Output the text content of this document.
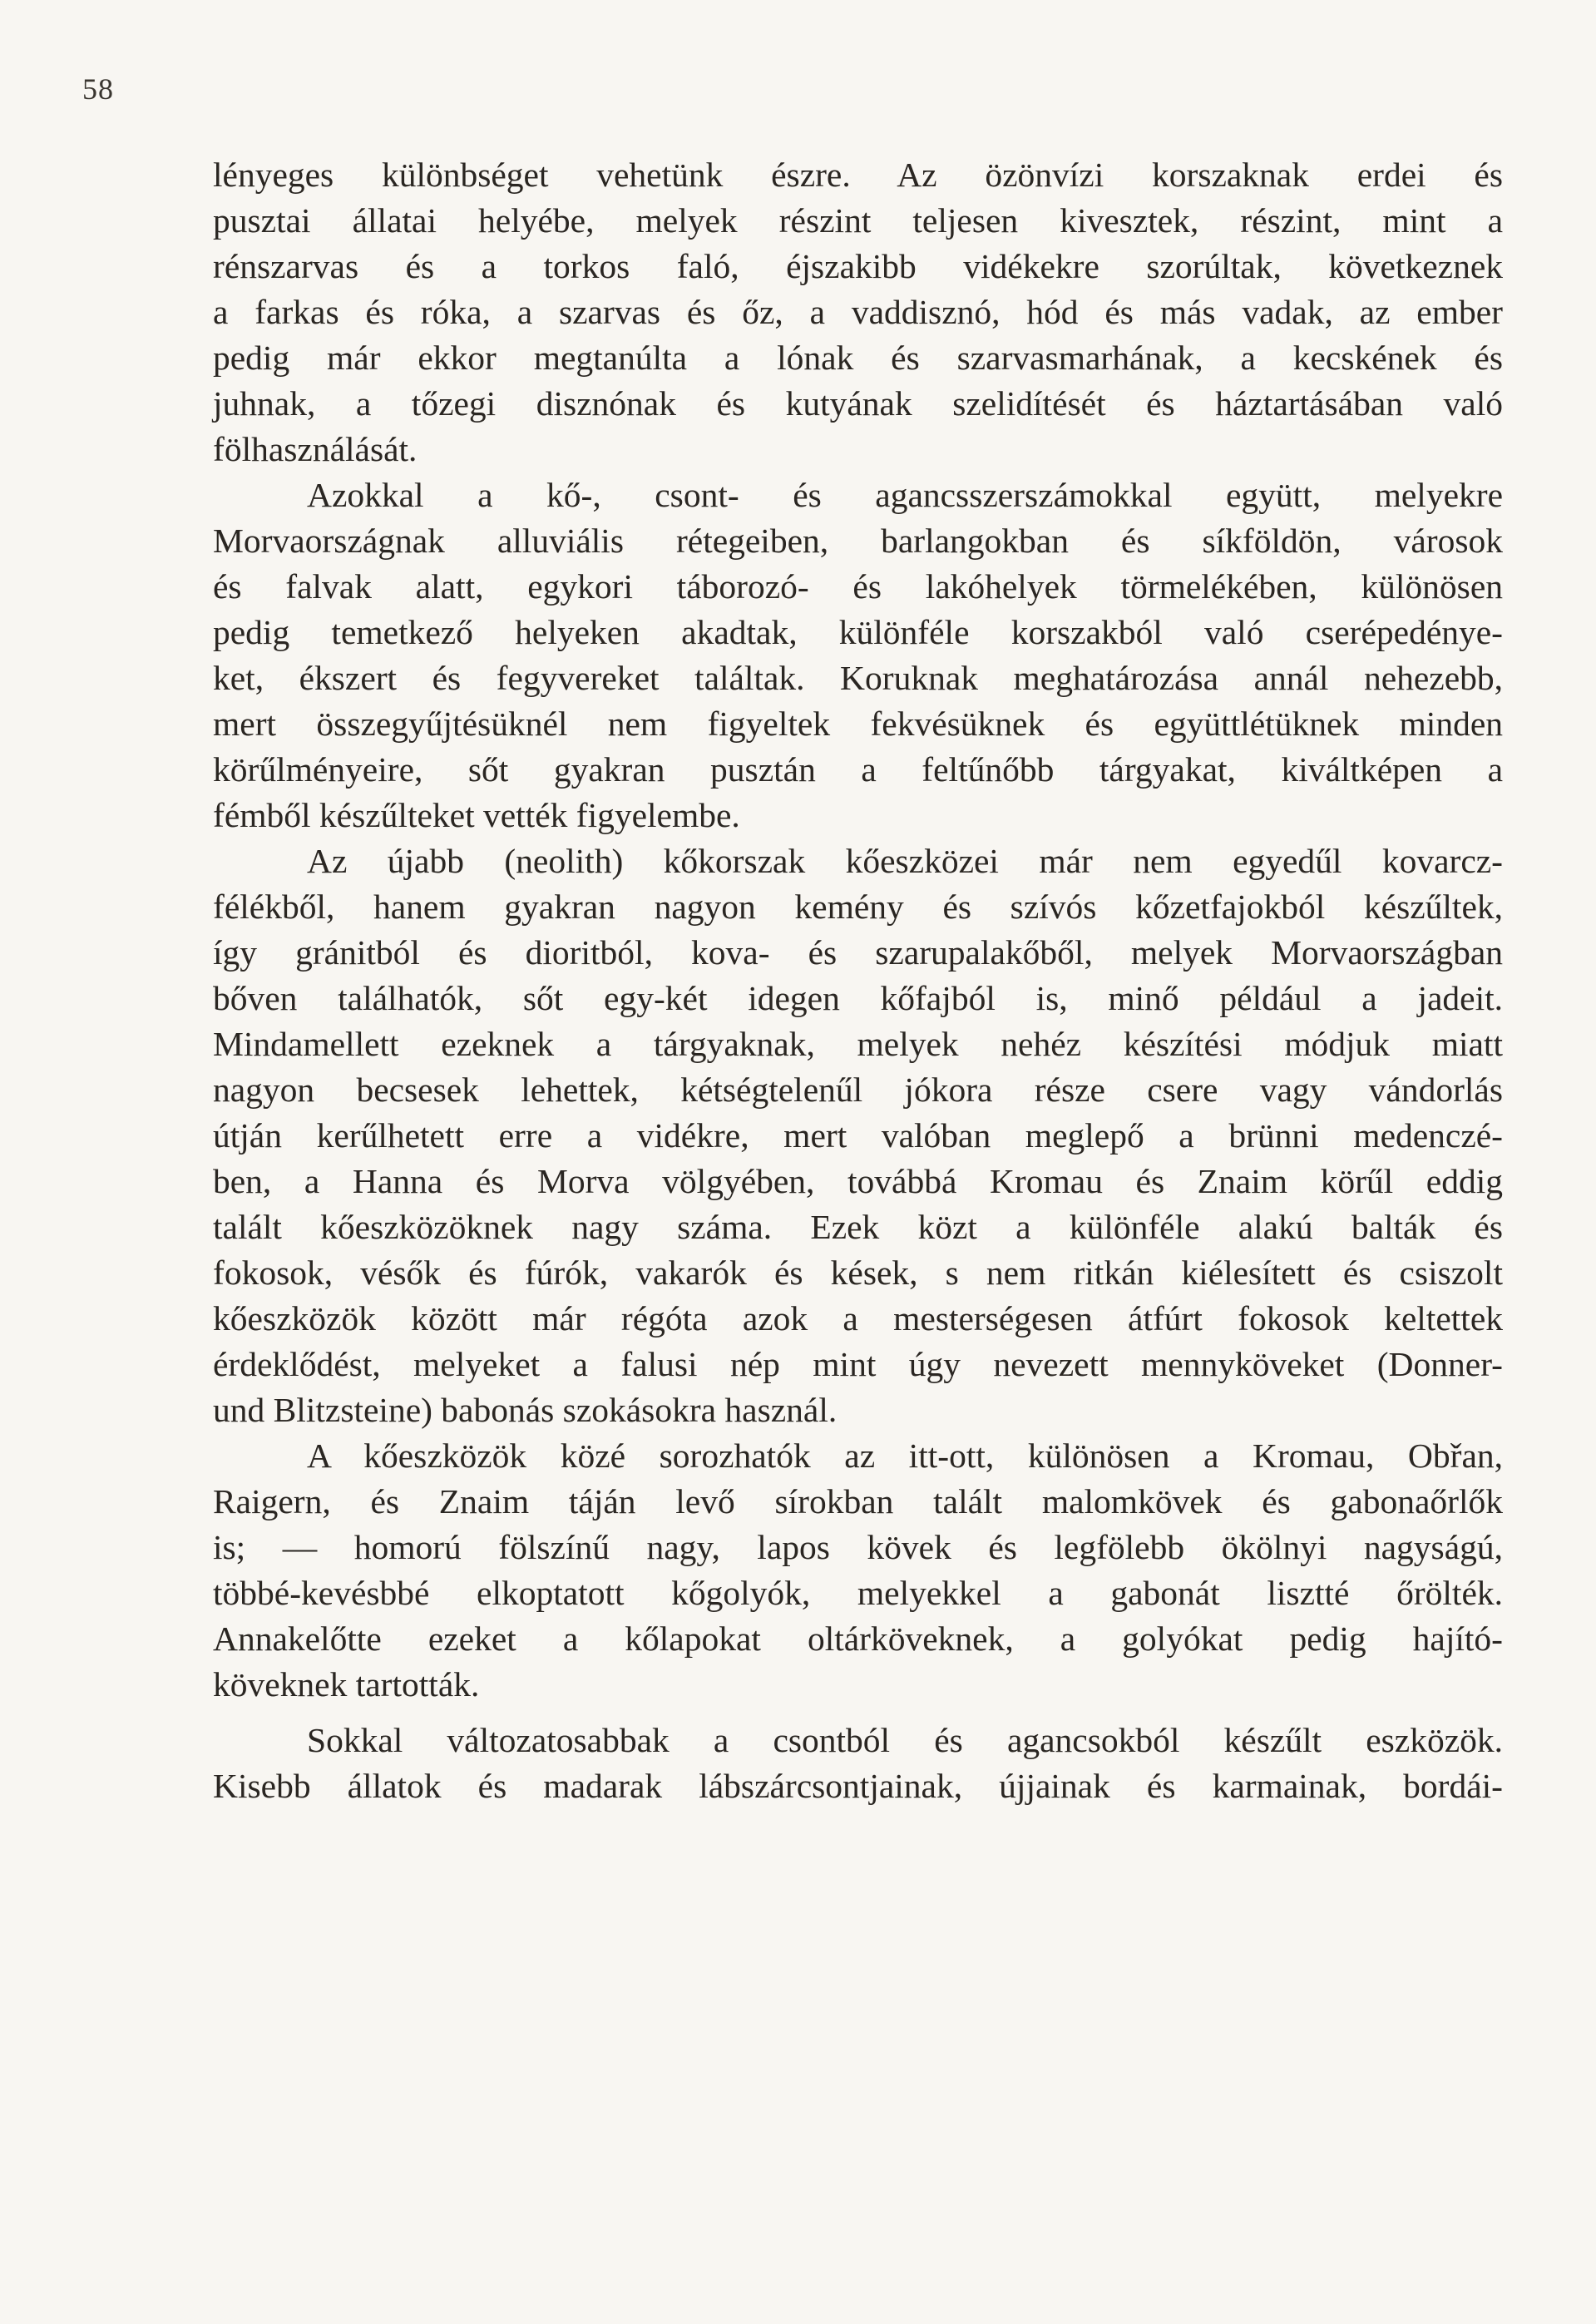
58

lényeges különbséget vehetünk észre. Az özönvízi korszaknak erdei és
pusztai állatai helyébe, melyek részint teljesen kivesztek, részint, mint a
rénszarvas és a torkos faló, éjszakibb vidékekre szorúltak, következnek
a farkas és róka, a szarvas és őz, a vaddisznó, hód és más vadak, az ember
pedig már ekkor megtanúlta a lónak és szarvasmarhának, a kecskének és
juhnak, a tőzegi disznónak és kutyának szelidítését és háztartásában való
fölhasználását.

Azokkal a kő-, csont- és agancsszerszámokkal együtt, melyekre
Morvaországnak alluviális rétegeiben, barlangokban és síkföldön, városok
és falvak alatt, egykori táborozó- és lakóhelyek törmelékében, különösen
pedig temetkező helyeken akadtak, különféle korszakból való cserépedénye-
ket, ékszert és fegyvereket találtak. Koruknak meghatározása annál nehezebb,
mert összegyűjtésüknél nem figyeltek fekvésüknek és együttlétüknek minden
körűlményeire, sőt gyakran pusztán a feltűnőbb tárgyakat, kiváltképen a
fémből készűlteket vették figyelembe.

Az újabb (neolith) kőkorszak kőeszközei már nem egyedűl kovarcz-
félékből, hanem gyakran nagyon kemény és szívós kőzetfajokból készűltek,
így gránitból és dioritból, kova- és szarupalakőből, melyek Morvaországban
bőven találhatók, sőt egy-két idegen kőfajból is, minő például a jadeit.
Mindamellett ezeknek a tárgyaknak, melyek nehéz készítési módjuk miatt
nagyon becsesek lehettek, kétségtelenűl jókora része csere vagy vándorlás
útján kerűlhetett erre a vidékre, mert valóban meglepő a brünni medenczé-
ben, a Hanna és Morva völgyében, továbbá Kromau és Znaim körűl eddig
talált kőeszközöknek nagy száma. Ezek közt a különféle alakú balták és
fokosok, vésők és fúrók, vakarók és kések, s nem ritkán kiélesített és csiszolt
kőeszközök között már régóta azok a mesterségesen átfúrt fokosok keltettek
érdeklődést, melyeket a falusi nép mint úgy nevezett mennyköveket (Donner-
und Blitzsteine) babonás szokásokra használ.

A kőeszközök közé sorozhatók az itt-ott, különösen a Kromau, Obřan,
Raigern, és Znaim táján levő sírokban talált malomkövek és gabonaőrlők
is; — homorú fölszínű nagy, lapos kövek és legfölebb ökölnyi nagyságú,
többé-kevésbbé elkoptatott kőgolyók, melyekkel a gabonát lisztté őrölték.
Annakelőtte ezeket a kőlapokat oltárköveknek, a golyókat pedig hajító-
köveknek tartották.

Sokkal változatosabbak a csontból és agancsokból készűlt eszközök.
Kisebb állatok és madarak lábszárcsontjainak, újjainak és karmainak, bordái-
